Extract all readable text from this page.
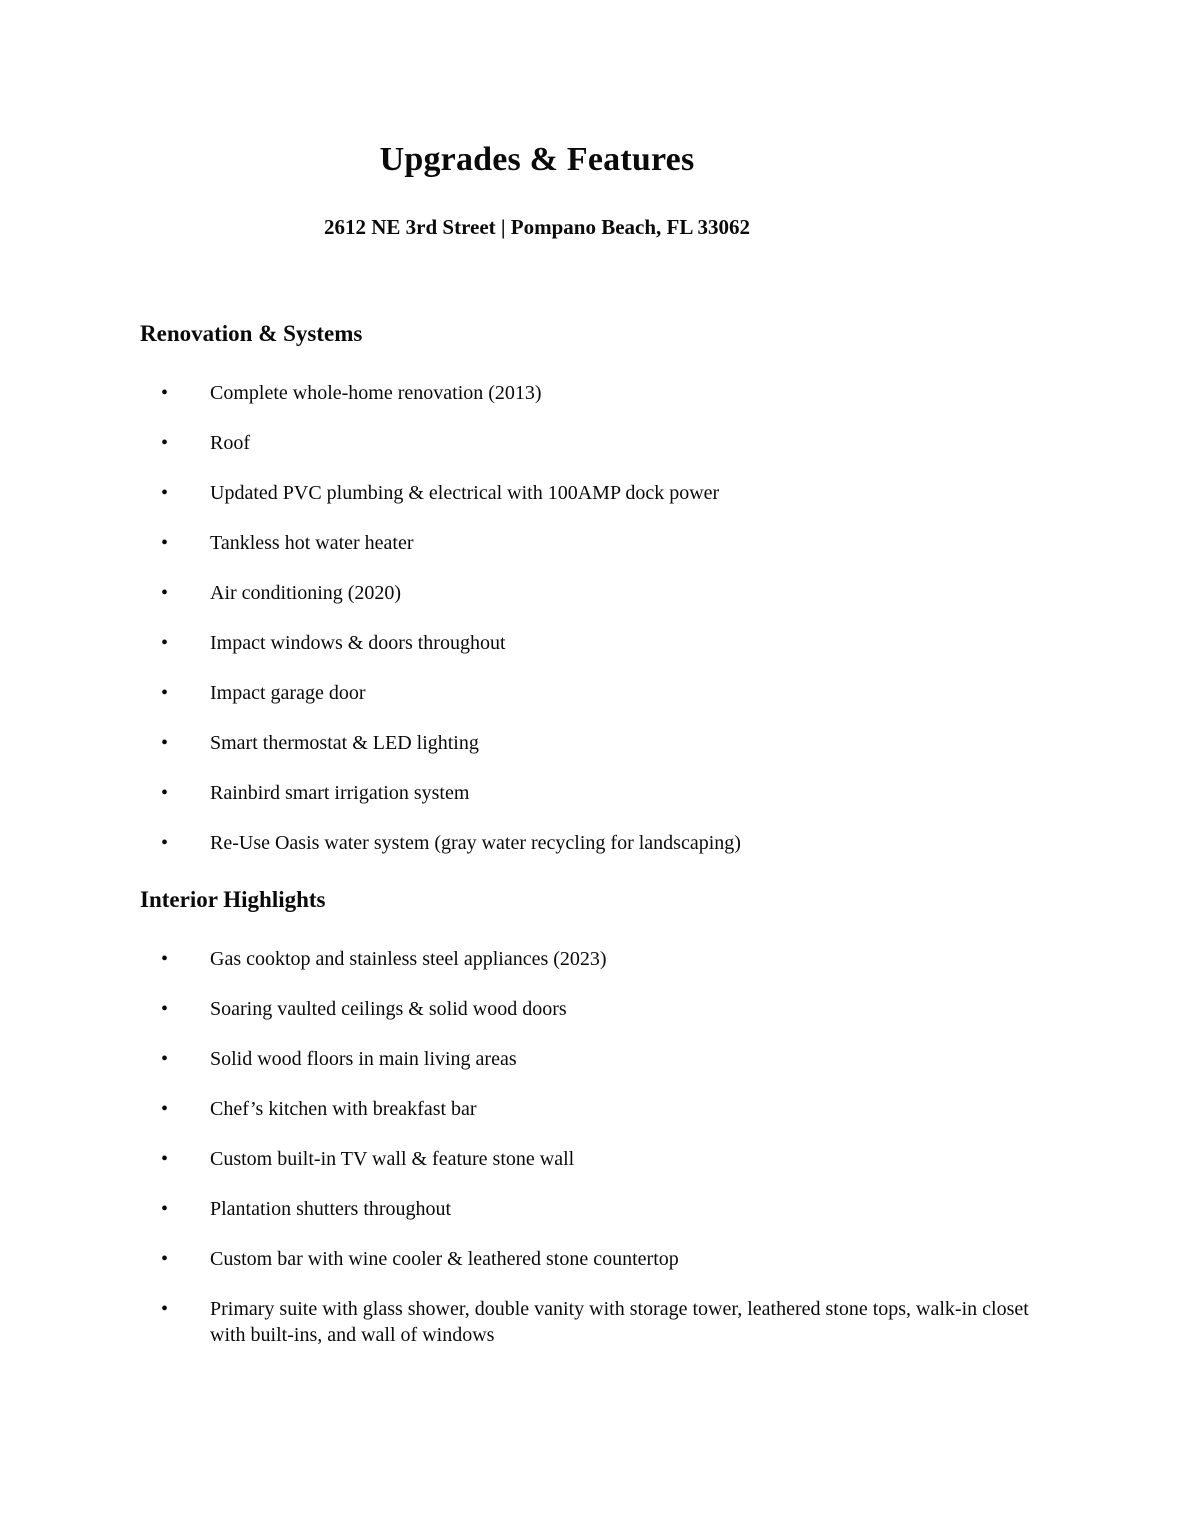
Upgrades & Features

2612 NE 3rd Street | Pompano Beach, FL 33062

Renovation & Systems
• Complete whole-home renovation (2013)
• Roof
• Updated PVC plumbing & electrical with 100AMP dock power
• Tankless hot water heater
• Air conditioning (2020)
• Impact windows & doors throughout
• Impact garage door
• Smart thermostat & LED lighting
• Rainbird smart irrigation system
• Re-Use Oasis water system (gray water recycling for landscaping)
Interior Highlights
• Gas cooktop and stainless steel appliances (2023)
• Soaring vaulted ceilings & solid wood doors
• Solid wood floors in main living areas
• Chef’s kitchen with breakfast bar
• Custom built-in TV wall & feature stone wall
• Plantation shutters throughout
• Custom bar with wine cooler & leathered stone countertop
• Primary suite with glass shower, double vanity with storage tower, leathered stone tops, walk-in closet with built-ins, and wall of windows
